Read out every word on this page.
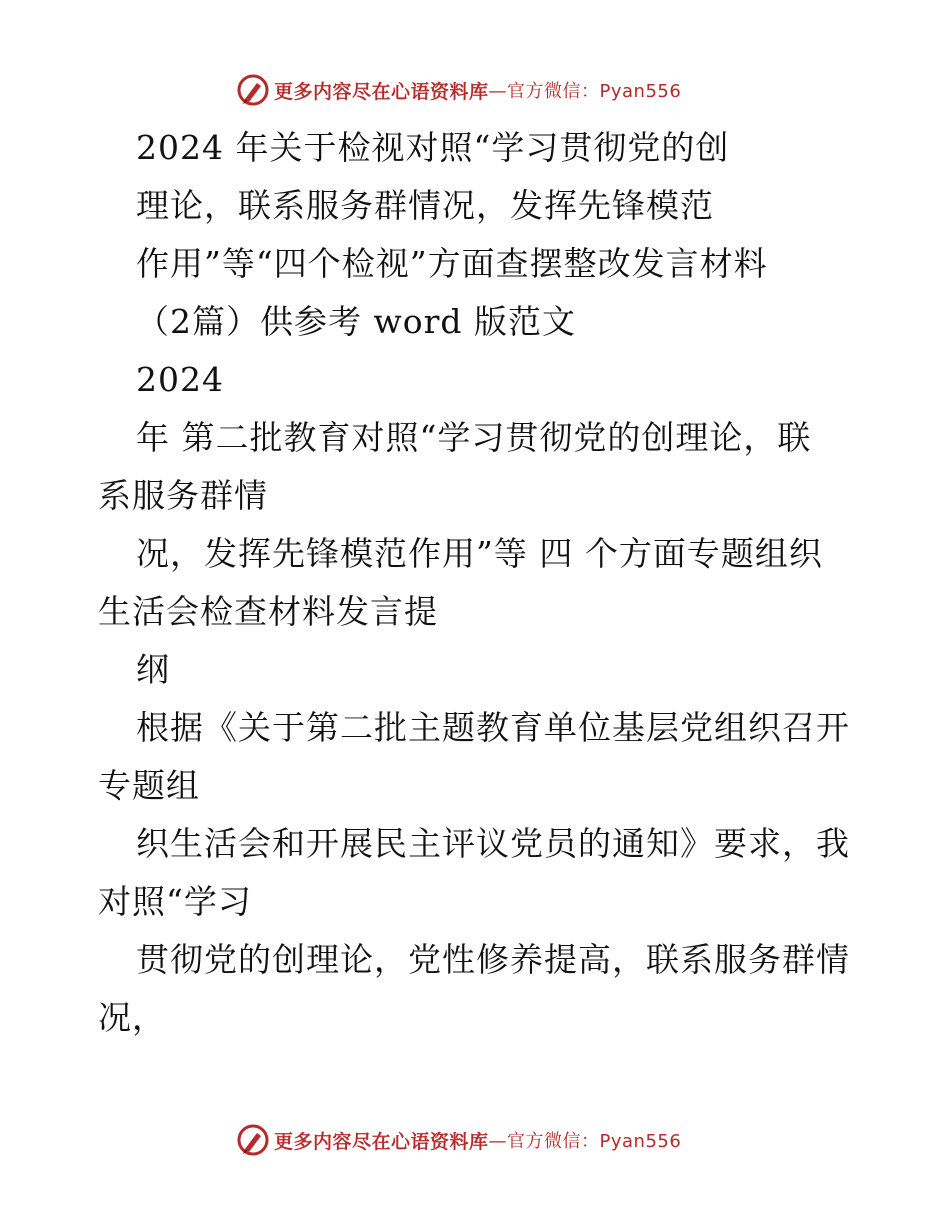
更多内容尽在心语资料库 —官方微信：Pyan556
2024 年关于检视对照“学习贯彻党的创
理论，联系服务群情况，发挥先锋模范
作用”等“四个检视”方面查摆整改发言材料
（2篇）供参考 word 版范文
2024
年 第二批教育对照“学习贯彻党的创理论，联
系服务群情
况，发挥先锋模范作用”等 四 个方面专题组织
生活会检查材料发言提
纲
根据《关于第二批主题教育单位基层党组织召开
专题组
织生活会和开展民主评议党员的通知》要求，我
对照“学习
贯彻党的创理论，党性修养提高，联系服务群情
况，
更多内容尽在心语资料库 —官方微信：Pyan556
